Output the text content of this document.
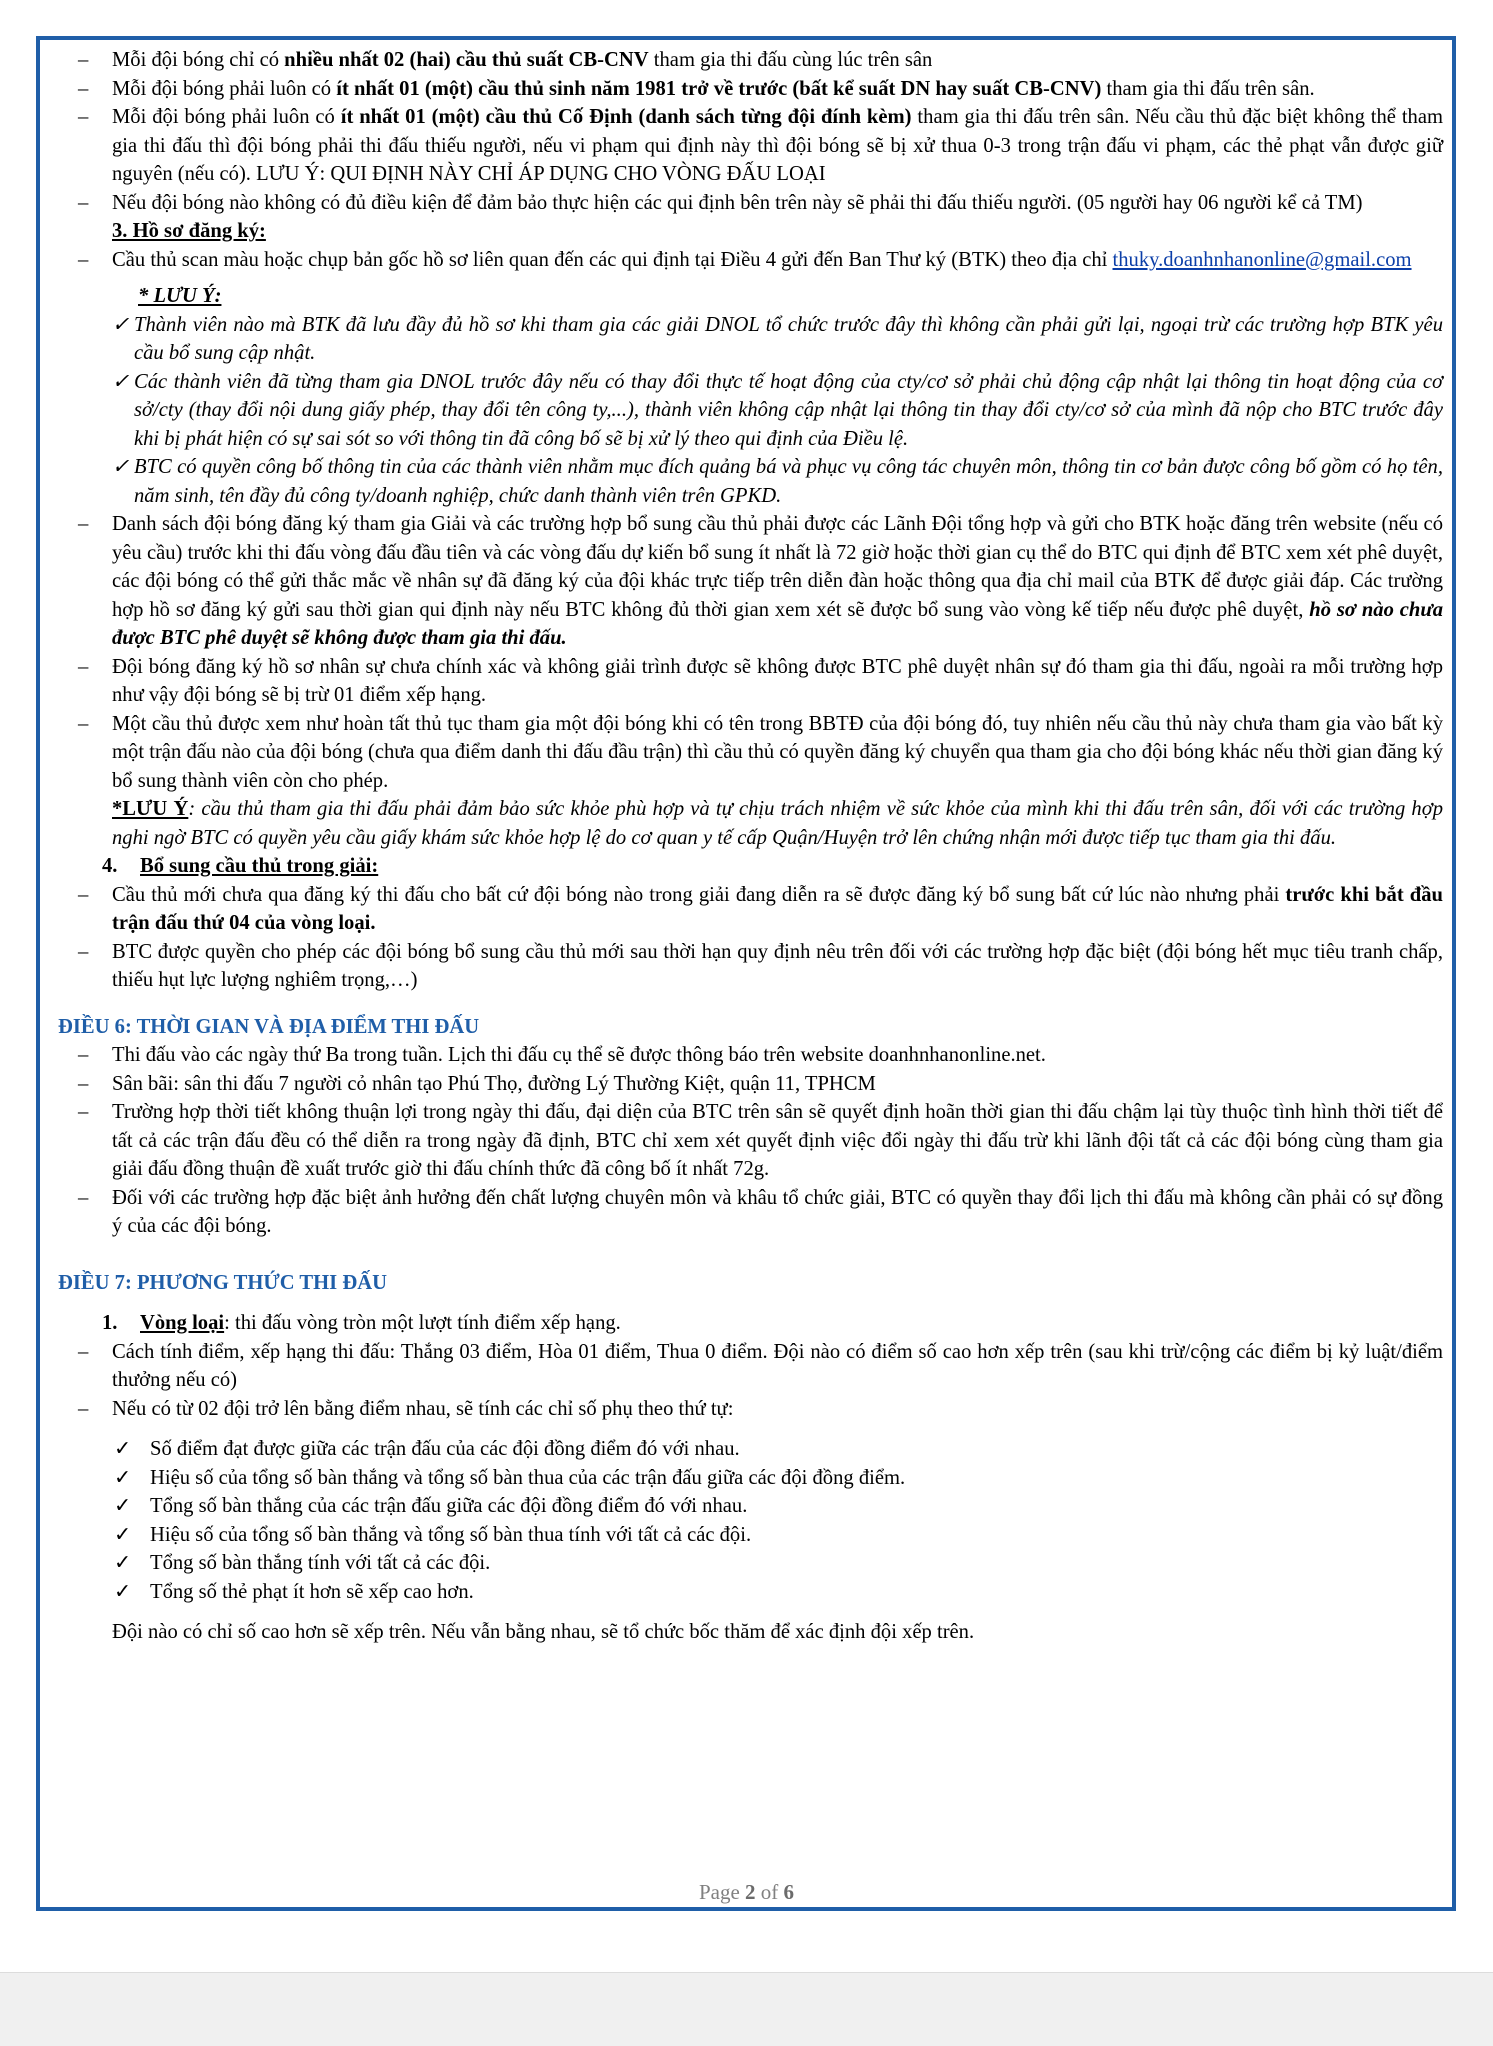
– Mỗi đội bóng chỉ có nhiều nhất 02 (hai) cầu thủ suất CB-CNV tham gia thi đấu cùng lúc trên sân
– Mỗi đội bóng phải luôn có ít nhất 01 (một) cầu thủ sinh năm 1981 trở về trước (bất kể suất DN hay suất CB-CNV) tham gia thi đấu trên sân.
– Mỗi đội bóng phải luôn có ít nhất 01 (một) cầu thủ Cố Định (danh sách từng đội đính kèm) tham gia thi đấu trên sân. Nếu cầu thủ đặc biệt không thể tham gia thi đấu thì đội bóng phải thi đấu thiếu người, nếu vi phạm qui định này thì đội bóng sẽ bị xử thua 0-3 trong trận đấu vi phạm, các thẻ phạt vẫn được giữ nguyên (nếu có). LƯU Ý: QUI ĐỊNH NÀY CHỈ ÁP DỤNG CHO VÒNG ĐẤU LOẠI
– Nếu đội bóng nào không có đủ điều kiện để đảm bảo thực hiện các qui định bên trên này sẽ phải thi đấu thiếu người. (05 người hay 06 người kể cả TM)
3. Hồ sơ đăng ký:
– Cầu thủ scan màu hoặc chụp bản gốc hồ sơ liên quan đến các qui định tại Điều 4 gửi đến Ban Thư ký (BTK) theo địa chỉ thuky.doanhnhanonline@gmail.com
* LƯU Ý:
✓ Thành viên nào mà BTK đã lưu đầy đủ hồ sơ khi tham gia các giải DNOL tổ chức trước đây thì không cần phải gửi lại, ngoại trừ các trường hợp BTK yêu cầu bổ sung cập nhật.
✓ Các thành viên đã từng tham gia DNOL trước đây nếu có thay đổi thực tế hoạt động của cty/cơ sở phải chủ động cập nhật lại thông tin hoạt động của cơ sở/cty (thay đổi nội dung giấy phép, thay đổi tên công ty,...), thành viên không cập nhật lại thông tin thay đổi cty/cơ sở của mình đã nộp cho BTC trước đây khi bị phát hiện có sự sai sót so với thông tin đã công bố sẽ bị xử lý theo qui định của Điều lệ.
✓ BTC có quyền công bố thông tin của các thành viên nhằm mục đích quảng bá và phục vụ công tác chuyên môn, thông tin cơ bản được công bố gồm có họ tên, năm sinh, tên đầy đủ công ty/doanh nghiệp, chức danh thành viên trên GPKD.
– Danh sách đội bóng đăng ký tham gia Giải và các trường hợp bổ sung cầu thủ phải được các Lãnh Đội tổng hợp và gửi cho BTK hoặc đăng trên website (nếu có yêu cầu) trước khi thi đấu vòng đấu đầu tiên và các vòng đấu dự kiến bổ sung ít nhất là 72 giờ hoặc thời gian cụ thể do BTC qui định để BTC xem xét phê duyệt, các đội bóng có thể gửi thắc mắc về nhân sự đã đăng ký của đội khác trực tiếp trên diễn đàn hoặc thông qua địa chỉ mail của BTK để được giải đáp. Các trường hợp hồ sơ đăng ký gửi sau thời gian qui định này nếu BTC không đủ thời gian xem xét sẽ được bổ sung vào vòng kế tiếp nếu được phê duyệt, hồ sơ nào chưa được BTC phê duyệt sẽ không được tham gia thi đấu.
– Đội bóng đăng ký hồ sơ nhân sự chưa chính xác và không giải trình được sẽ không được BTC phê duyệt nhân sự đó tham gia thi đấu, ngoài ra mỗi trường hợp như vậy đội bóng sẽ bị trừ 01 điểm xếp hạng.
– Một cầu thủ được xem như hoàn tất thủ tục tham gia một đội bóng khi có tên trong BBTĐ của đội bóng đó, tuy nhiên nếu cầu thủ này chưa tham gia vào bất kỳ một trận đấu nào của đội bóng (chưa qua điểm danh thi đấu đầu trận) thì cầu thủ có quyền đăng ký chuyển qua tham gia cho đội bóng khác nếu thời gian đăng ký bổ sung thành viên còn cho phép.
*LƯU Ý: cầu thủ tham gia thi đấu phải đảm bảo sức khỏe phù hợp và tự chịu trách nhiệm về sức khỏe của mình khi thi đấu trên sân, đối với các trường hợp nghi ngờ BTC có quyền yêu cầu giấy khám sức khỏe hợp lệ do cơ quan y tế cấp Quận/Huyện trở lên chứng nhận mới được tiếp tục tham gia thi đấu.
4. Bổ sung cầu thủ trong giải:
– Cầu thủ mới chưa qua đăng ký thi đấu cho bất cứ đội bóng nào trong giải đang diễn ra sẽ được đăng ký bổ sung bất cứ lúc nào nhưng phải trước khi bắt đầu trận đấu thứ 04 của vòng loại.
– BTC được quyền cho phép các đội bóng bổ sung cầu thủ mới sau thời hạn quy định nêu trên đối với các trường hợp đặc biệt (đội bóng hết mục tiêu tranh chấp, thiếu hụt lực lượng nghiêm trọng,…)
ĐIỀU 6: THỜI GIAN VÀ ĐỊA ĐIỂM THI ĐẤU
– Thi đấu vào các ngày thứ Ba trong tuần. Lịch thi đấu cụ thể sẽ được thông báo trên website doanhnhanonline.net.
– Sân bãi: sân thi đấu 7 người cỏ nhân tạo Phú Thọ, đường Lý Thường Kiệt, quận 11, TPHCM
– Trường hợp thời tiết không thuận lợi trong ngày thi đấu, đại diện của BTC trên sân sẽ quyết định hoãn thời gian thi đấu chậm lại tùy thuộc tình hình thời tiết để tất cả các trận đấu đều có thể diễn ra trong ngày đã định, BTC chỉ xem xét quyết định việc đổi ngày thi đấu trừ khi lãnh đội tất cả các đội bóng cùng tham gia giải đấu đồng thuận đề xuất trước giờ thi đấu chính thức đã công bố ít nhất 72g.
– Đối với các trường hợp đặc biệt ảnh hưởng đến chất lượng chuyên môn và khâu tổ chức giải, BTC có quyền thay đổi lịch thi đấu mà không cần phải có sự đồng ý của các đội bóng.
ĐIỀU 7: PHƯƠNG THỨC THI ĐẤU
1. Vòng loại: thi đấu vòng tròn một lượt tính điểm xếp hạng.
– Cách tính điểm, xếp hạng thi đấu: Thắng 03 điểm, Hòa 01 điểm, Thua 0 điểm. Đội nào có điểm số cao hơn xếp trên (sau khi trừ/cộng các điểm bị kỷ luật/điểm thưởng nếu có)
– Nếu có từ 02 đội trở lên bằng điểm nhau, sẽ tính các chỉ số phụ theo thứ tự:
✓ Số điểm đạt được giữa các trận đấu của các đội đồng điểm đó với nhau.
✓ Hiệu số của tổng số bàn thắng và tổng số bàn thua của các trận đấu giữa các đội đồng điểm.
✓ Tổng số bàn thắng của các trận đấu giữa các đội đồng điểm đó với nhau.
✓ Hiệu số của tổng số bàn thắng và tổng số bàn thua tính với tất cả các đội.
✓ Tổng số bàn thắng tính với tất cả các đội.
✓ Tổng số thẻ phạt ít hơn sẽ xếp cao hơn.
Đội nào có chỉ số cao hơn sẽ xếp trên. Nếu vẫn bằng nhau, sẽ tổ chức bốc thăm để xác định đội xếp trên.
Page 2 of 6
